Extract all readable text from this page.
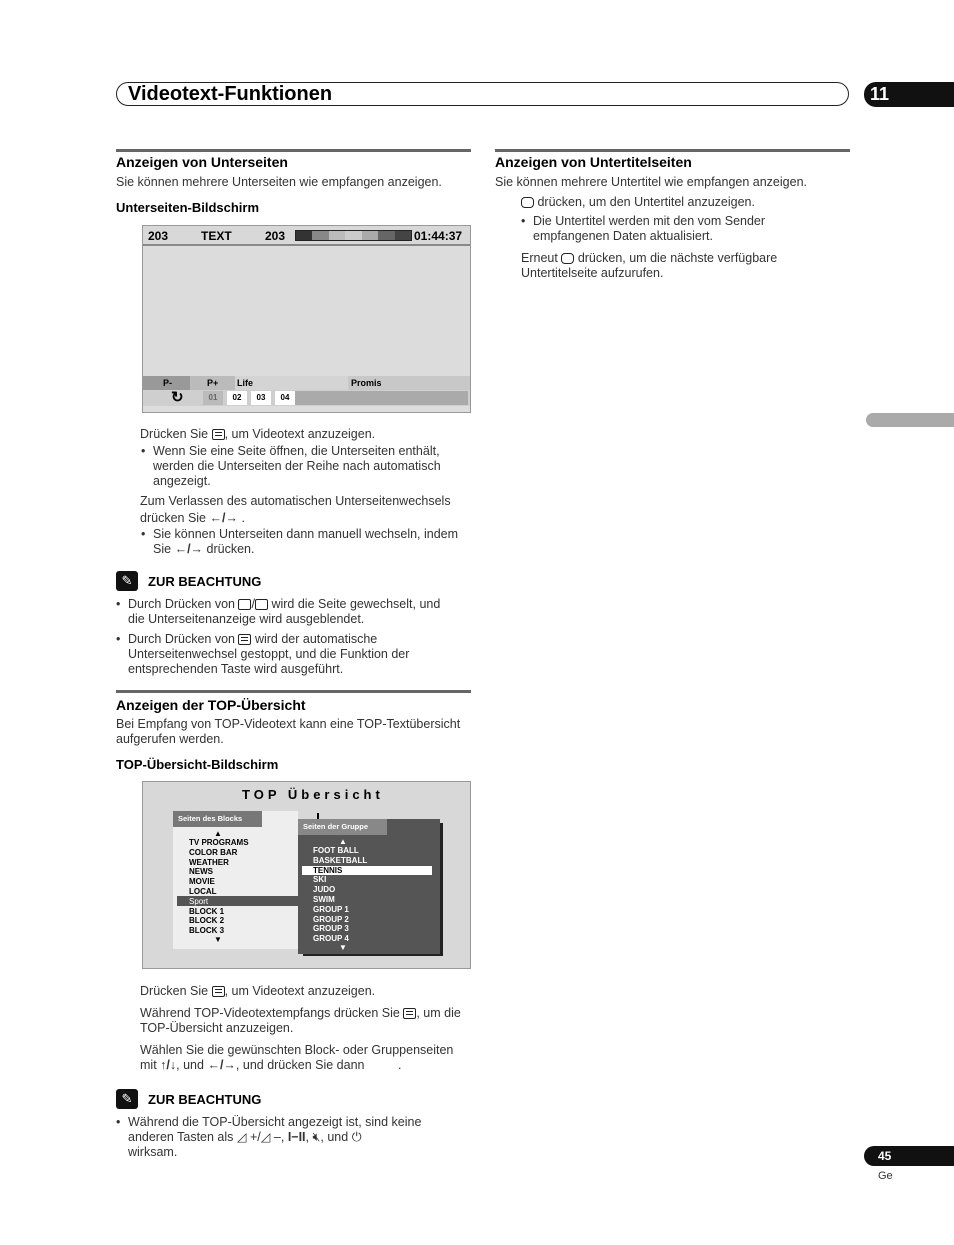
Videotext-Funktionen	11
Anzeigen von Unterseiten
Sie können mehrere Unterseiten wie empfangen anzeigen.
Unterseiten-Bildschirm
203	TEXT	203	01:44:37
P-	P+ Life	Promis
↻	01	02	03	04
Drücken Sie , um Videotext anzuzeigen.
• Wenn Sie eine Seite öffnen, die Unterseiten enthält, werden die Unterseiten der Reihe nach automatisch angezeigt.
Zum Verlassen des automatischen Unterseitenwechsels
drücken Sie ←/→ .
• Sie können Unterseiten dann manuell wechseln, indem
Sie ←/→ drücken.
✎	ZUR BEACHTUNG
• Durch Drücken von / wird die Seite gewechselt, und
die Unterseitenanzeige wird ausgeblendet.
• Durch Drücken von wird der automatische
Unterseitenwechsel gestoppt, und die Funktion der
entsprechenden Taste wird ausgeführt.
Anzeigen der TOP-Übersicht
Bei Empfang von TOP-Videotext kann eine TOP-Textübersicht aufgerufen werden.
TOP-Übersicht-Bildschirm
TOP Übersicht
Seiten des Blocks
▲
TV PROGRAMS
COLOR BAR
WEATHER
NEWS
MOVIE
LOCAL
Sport
BLOCK 1
BLOCK 2
BLOCK 3
▼
Seiten der Gruppe
▲
FOOT BALL
BASKETBALL
TENNIS
SKI
JUDO
SWIM
GROUP 1
GROUP 2
GROUP 3
GROUP 4
▼
Drücken Sie , um Videotext anzuzeigen.
Während TOP-Videotextempfangs drücken Sie , um die
TOP-Übersicht anzuzeigen.
Wählen Sie die gewünschten Block- oder Gruppenseiten
mit ↑/↓, und ←/→, und drücken Sie dann	.
✎	ZUR BEACHTUNG
• Während die TOP-Übersicht angezeigt ist, sind keine
anderen Tasten als ◿ +/◿ –, I−II, 🔇︎, und ⏻
wirksam.
Anzeigen von Untertitelseiten
Sie können mehrere Untertitel wie empfangen anzeigen.
drücken, um den Untertitel anzuzeigen.
• Die Untertitel werden mit den vom Sender
empfangenen Daten aktualisiert.
Erneut drücken, um die nächste verfügbare
Untertitelseite aufzurufen.
45
Ge
